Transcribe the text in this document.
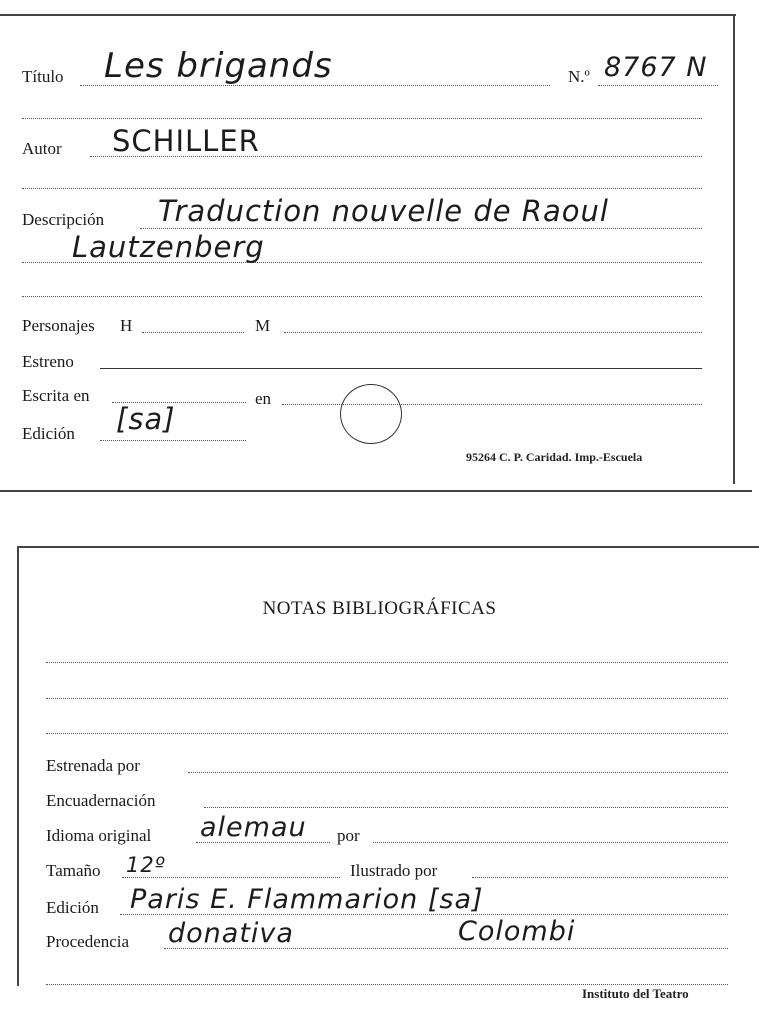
Título Les brigands	N.º 8767 N
Autor SCHILLER
Descripción Traduction nouvelle de Raoul
Lautzenberg
Personajes H	M
Estreno
Escrita en	en
Edición [sa]
95264 C. P. Caridad. Imp.-Escuela
NOTAS BIBLIOGRÁFICAS
Estrenada por
Encuadernación
Idioma original alemau por
Tamaño 12º	Ilustrado por
Edición Paris E. Flammarion [sa]
Procedencia donativa	Colombi
Instituto del Teatro
